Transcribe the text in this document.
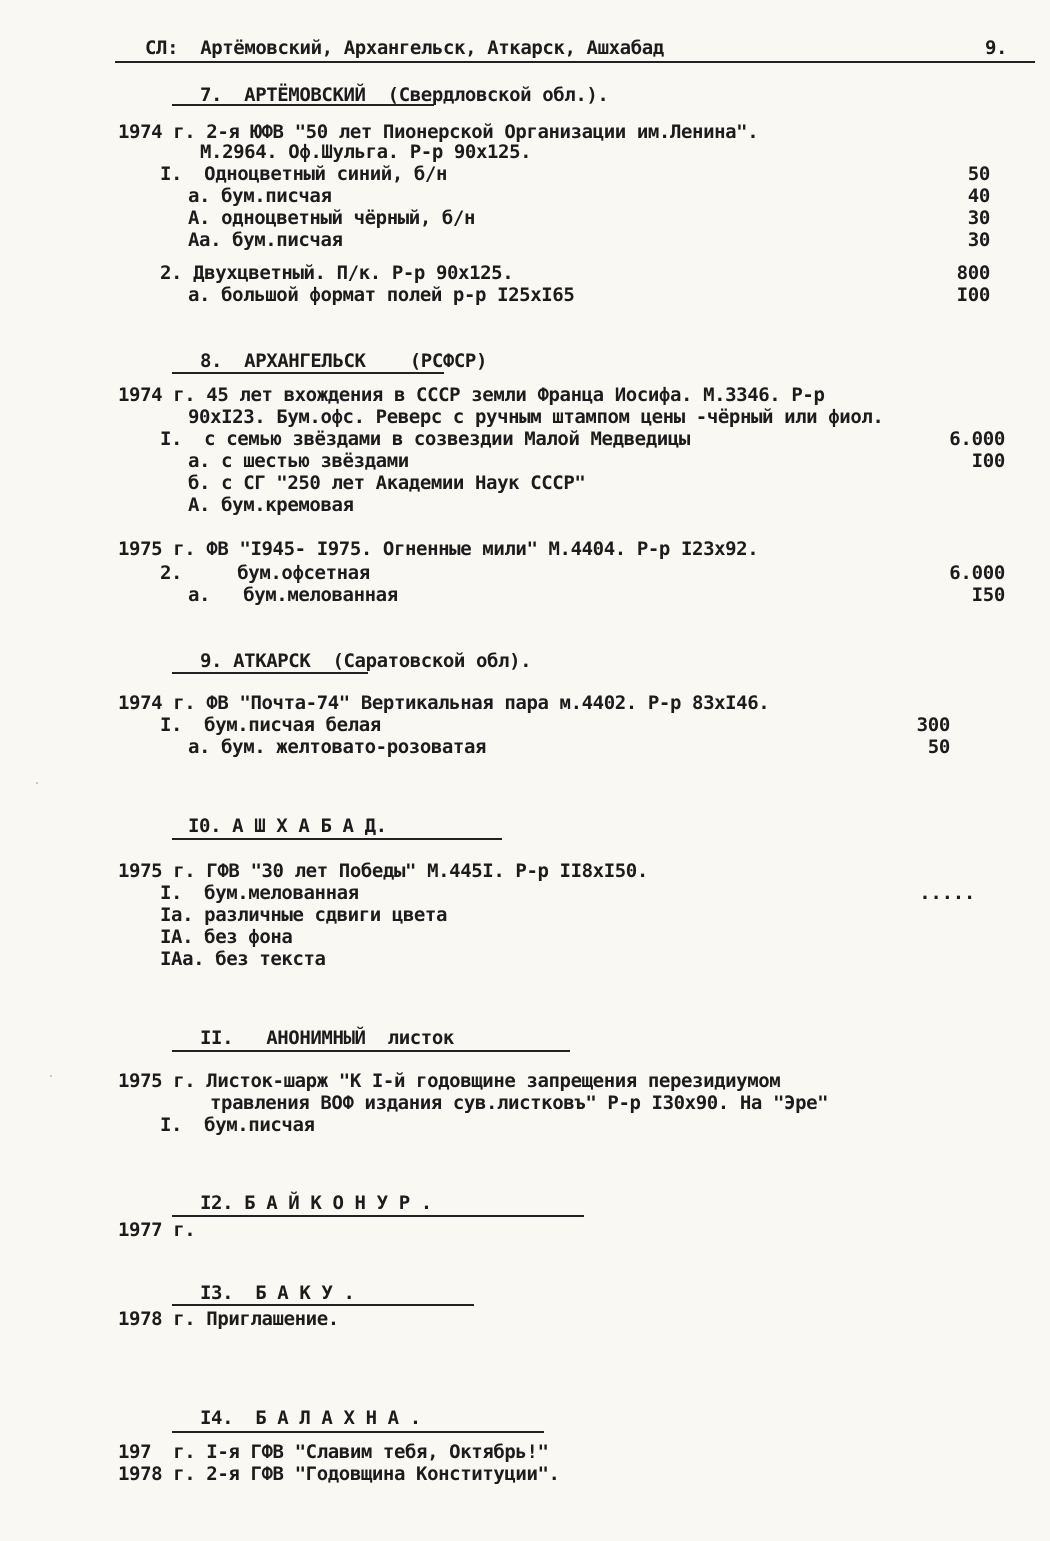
СЛ:  Артёмовский, Архангельск, Аткарск, Ашхабад	9.
7.  АРТЁМОВСКИЙ  (Свердловской обл.).
1974 г. 2-я ЮФВ "50 лет Пионерской Организации им.Ленина".
М.2964. Оф.Шульга. Р-р 90х125.
I.  Одноцветный синий, б/н	50
а. бум.писчая	40
А. одноцветный чёрный, б/н	30
Аа. бум.писчая	30
2. Двухцветный. П/к. Р-р 90х125.	800
а. большой формат полей р-р I25хI65	I00
8.  АРХАНГЕЛЬСК    (РСФСР)
1974 г. 45 лет вхождения в СССР земли Франца Иосифа. М.3346. Р-р
90хI23. Бум.офс. Реверс с ручным штампом цены -чёрный или фиол.
I.  с семью звёздами в созвездии Малой Медведицы	6.000
а. с шестью звёздами	I00
б. с СГ "250 лет Академии Наук СССР"
А. бум.кремовая
1975 г. ФВ "I945- I975. Огненные мили" М.4404. Р-р I23х92.
2.     бум.офсетная	6.000
а.   бум.мелованная	I50
9. АТКАРСК  (Саратовской обл).
1974 г. ФВ "Почта-74" Вертикальная пара м.4402. Р-р 83хI46.
I.  бум.писчая белая	300
а. бум. желтовато-розоватая	50
I0. А Ш Х А Б А Д.
1975 г. ГФВ "30 лет Победы" М.445I. Р-р II8хI50.
I.  бум.мелованная	.....
Iа. различные сдвиги цвета
IА. без фона
IАа. без текста
II.   АНОНИМНЫЙ  листок
1975 г. Листок-шарж "К I-й годовщине запрещения перезидиумом
травления ВОФ издания сув.листковъ" Р-р I30х90. На "Эре"
I.  бум.писчая
I2. Б А Й К О Н У Р .
1977 г.
I3.  Б А К У .
1978 г. Приглашение.
I4.  Б А Л А Х Н А .
197  г. I-я ГФВ "Славим тебя, Октябрь!"
1978 г. 2-я ГФВ "Годовщина Конституции".
